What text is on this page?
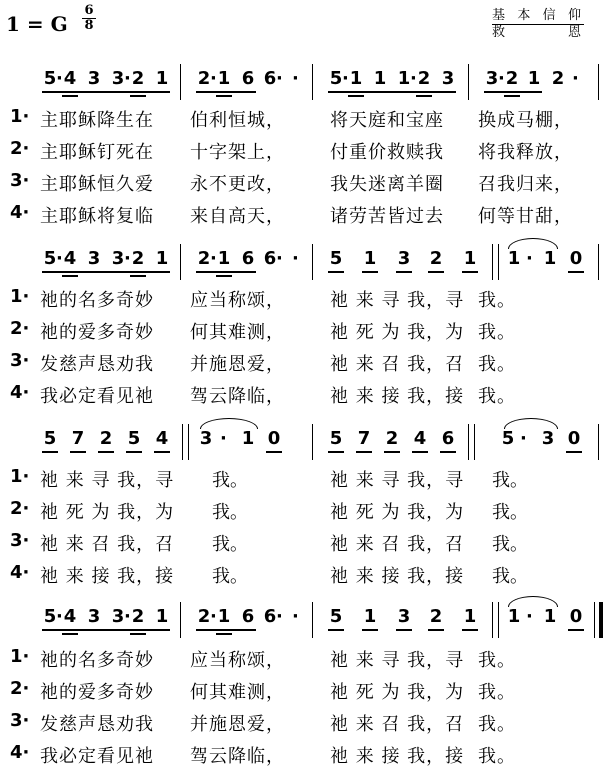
1 = G
6
8
基 本 信 仰
救 恩
5 · 4 3 3 · 2 1 2 · 1 6 6 · · 5 · 1 1 1 · 2 3 3 · 2 1 2 ·
1· 主耶稣降生在 伯利恒城，	将天庭和宝座 换成马棚，
2· 主耶稣钉死在 十字架上，	付重价救赎我 将我释放，
3· 主耶稣恒久爱 永不更改，	我失迷离羊圈 召我归来，
4· 主耶稣将复临 来自高天，	诸劳苦皆过去 何等甘甜，
5 · 4 3 3 · 2 1 2 · 1 6 6 · · 5 1 3 2 1 1 · 1 0
1· 祂的名多奇妙 应当称颂，	祂 来 寻 我，寻 我。
2· 祂的爱多奇妙 何其难测，	祂 死 为 我，为 我。
3· 发慈声恳劝我 并施恩爱，	祂 来 召 我，召 我。
4· 我必定看见祂 驾云降临，	祂 来 接 我，接 我。
5 7 2 5 4 3 · 1 0	5 7 2 4 6	5 · 3 0
1· 祂 来 寻 我，寻 我。	祂 来 寻 我，寻 我。
2· 祂 死 为 我，为 我。	祂 死 为 我，为 我。
3· 祂 来 召 我，召 我。	祂 来 召 我，召 我。
4· 祂 来 接 我，接 我。	祂 来 接 我，接 我。
5 · 4 3 3 · 2 1 2 · 1 6 6 · · 5 1 3 2 1 1 · 1 0
1· 祂的名多奇妙 应当称颂，	祂 来 寻 我，寻 我。
2· 祂的爱多奇妙 何其难测，	祂 死 为 我，为 我。
3· 发慈声恳劝我 并施恩爱，	祂 来 召 我，召 我。
4· 我必定看见祂 驾云降临，	祂 来 接 我，接 我。
